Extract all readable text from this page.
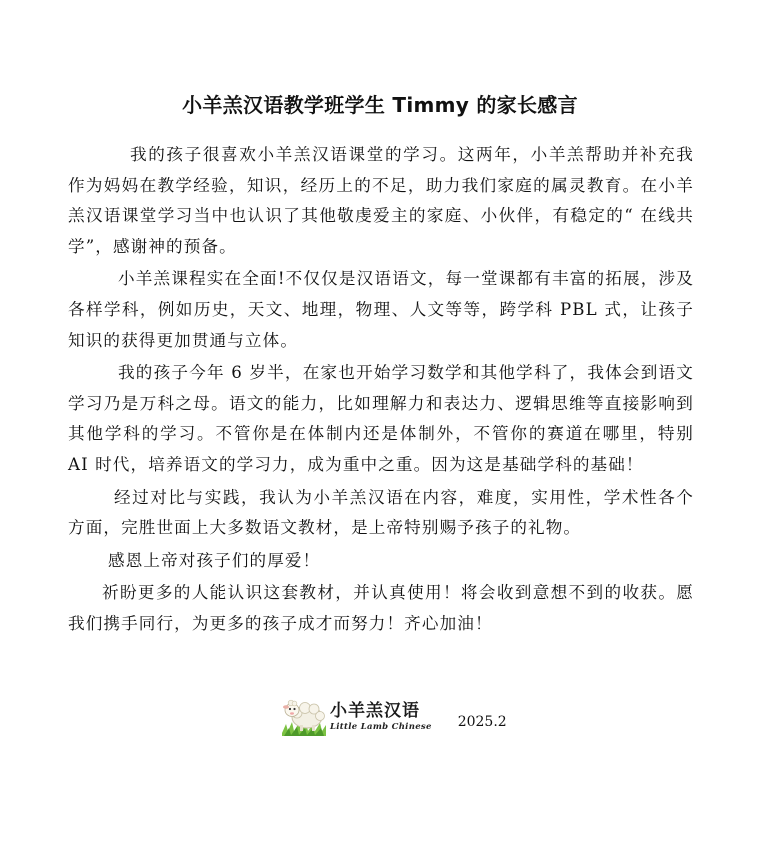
小羊羔汉语教学班学生 Timmy 的家长感言

我的孩子很喜欢小羊羔汉语课堂的学习。这两年，小羊羔帮助并补充我作为妈妈在教学经验，知识，经历上的不足，助力我们家庭的属灵教育。在小羊羔汉语课堂学习当中也认识了其他敬虔爱主的家庭、小伙伴，有稳定的“ 在线共学”，感谢神的预备。

小羊羔课程实在全面!不仅仅是汉语语文，每一堂课都有丰富的拓展，涉及各样学科，例如历史，天文、地理，物理、人文等等，跨学科 PBL 式，让孩子知识的获得更加贯通与立体。

我的孩子今年 6 岁半，在家也开始学习数学和其他学科了，我体会到语文学习乃是万科之母。语文的能力，比如理解力和表达力、逻辑思维等直接影响到其他学科的学习。不管你是在体制内还是体制外，不管你的赛道在哪里，特别 AI 时代，培养语文的学习力，成为重中之重。因为这是基础学科的基础！

经过对比与实践，我认为小羊羔汉语在内容，难度，实用性，学术性各个方面，完胜世面上大多数语文教材，是上帝特别赐予孩子的礼物。

感恩上帝对孩子们的厚爱！

祈盼更多的人能认识这套教材，并认真使用！将会收到意想不到的收获。愿我们携手同行，为更多的孩子成才而努力！齐心加油！

小羊羔汉语
Little Lamb Chinese 2025.2
